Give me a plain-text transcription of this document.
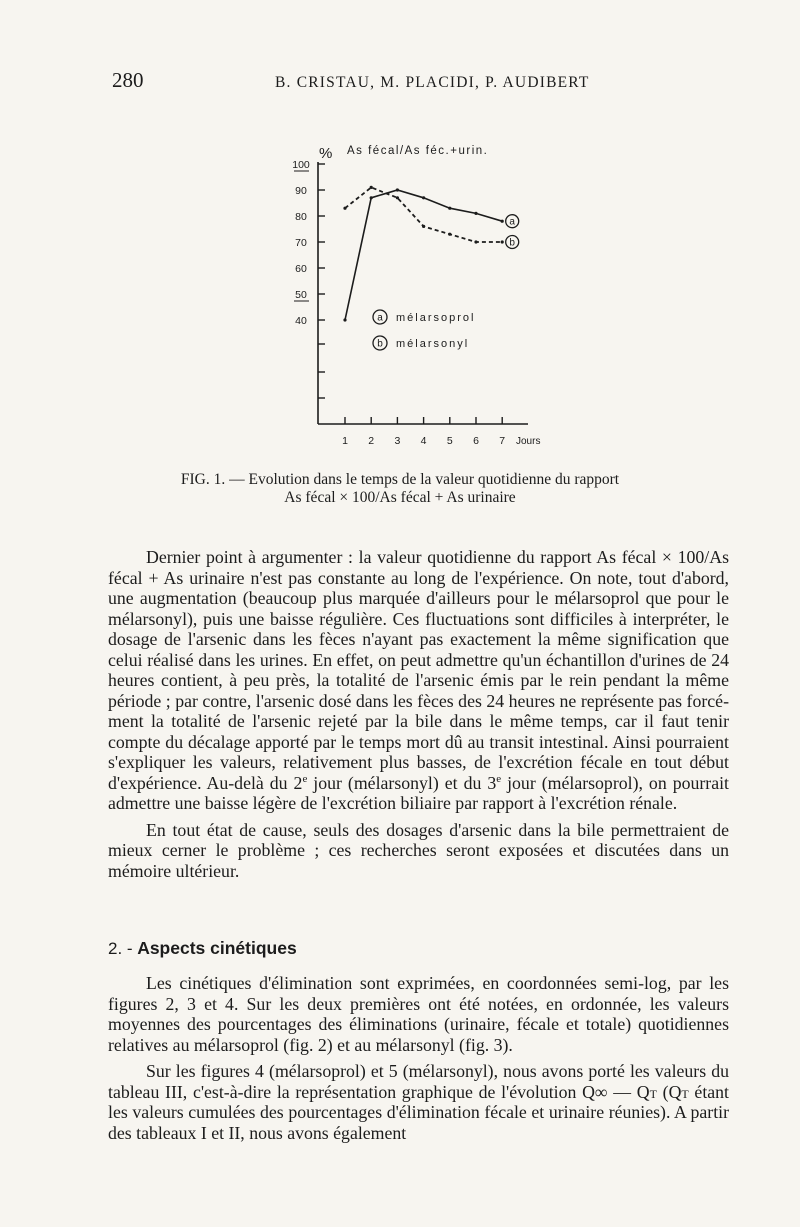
280	B. CRISTAU, M. PLACIDI, P. AUDIBERT
100
90
80
70
60
50
40
1 2 3 4 5 6 7 Jours
% As fécal/As féc.+urin.
a
b
a mélarsoprol
b mélarsonyl
FIG. 1. — Evolution dans le temps de la valeur quotidienne du rapport
As fécal × 100/As fécal + As urinaire

Dernier point à argumenter : la valeur quotidienne du rapport As fécal × 100/As fécal + As urinaire n'est pas constante au long de l'expérience. On note, tout d'abord, une augmentation (beaucoup plus marquée d'ailleurs pour le mélarsoprol que pour le mélarsonyl), puis une baisse régulière. Ces fluctuations sont difficiles à interpréter, le dosage de l'arsenic dans les fèces n'ayant pas exactement la même signification que celui réalisé dans les urines. En effet, on peut admettre qu'un échantillon d'urines de 24 heures contient, à peu près, la totalité de l'arsenic émis par le rein pendant la même période ; par contre, l'arsenic dosé dans les fèces des 24 heures ne représente pas forcément la totalité de l'arsenic rejeté par la bile dans le même temps, car il faut tenir compte du décalage apporté par le temps mort dû au transit intestinal. Ainsi pourraient s'expliquer les valeurs, relativement plus basses, de l'excrétion fécale en tout début d'expérience. Au-delà du 2e jour (mélarsonyl) et du 3e jour (mélarsoprol), on pourrait admettre une baisse légère de l'excrétion biliaire par rapport à l'excrétion rénale.

En tout état de cause, seuls des dosages d'arsenic dans la bile permettraient de mieux cerner le problème ; ces recherches seront exposées et discutées dans un mémoire ultérieur.

2. - Aspects cinétiques

Les cinétiques d'élimination sont exprimées, en coordonnées semi-log, par les figures 2, 3 et 4. Sur les deux premières ont été notées, en ordonnée, les valeurs moyennes des pourcentages des éliminations (urinaire, fécale et totale) quotidiennes relatives au mélarsoprol (fig. 2) et au mélarsonyl (fig. 3).

Sur les figures 4 (mélarsoprol) et 5 (mélarsonyl), nous avons porté les valeurs du tableau III, c'est-à-dire la représentation graphique de l'évolution Q∞ — Qt (Qt étant les valeurs cumulées des pourcentages d'élimination fécale et urinaire réunies). A partir des tableaux I et II, nous avons également
